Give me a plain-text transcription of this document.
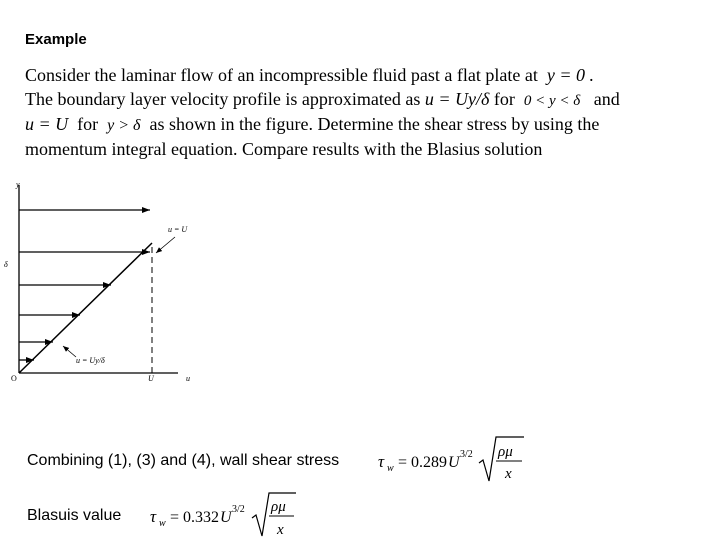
Example
Consider the laminar flow of an incompressible fluid past a flat plate at y = 0 .
The boundary layer velocity profile is approximated as u = Uy/δ for 0 < y < δ and
u = U for y > δ as shown in the figure. Determine the shear stress by using the
momentum integral equation. Compare results with the Blasius solution
y
δ
O	U	u
u = U
u = Uy/δ
Combining (1), (3) and (4), wall shear stress τ w = 0.289 U 3/2 ρμ
x
Blasuis value τ w = 0.332 U 3/2 ρμ
x
